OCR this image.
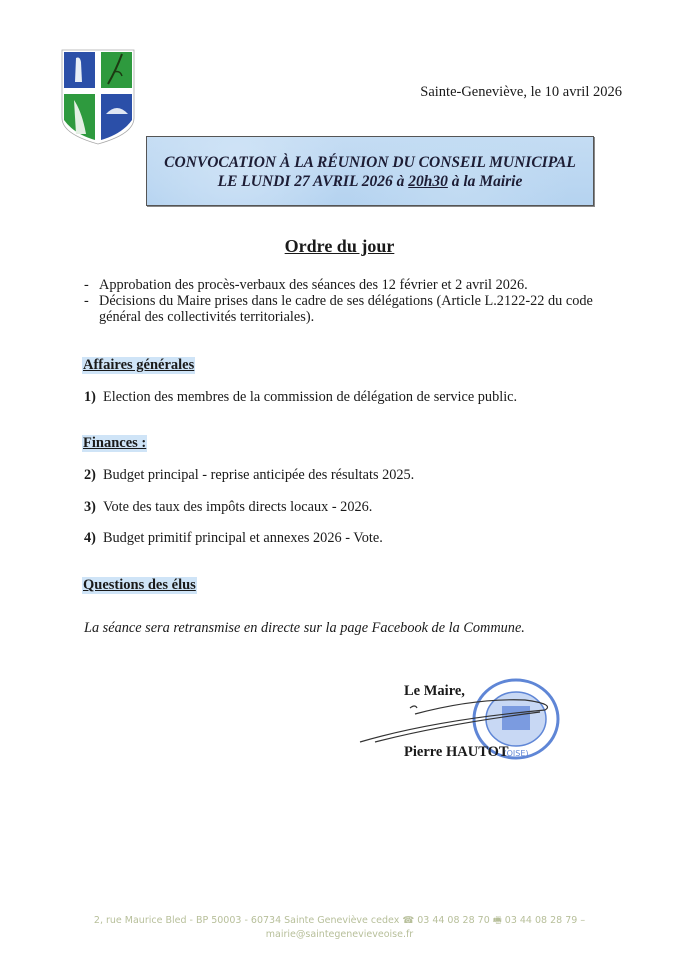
Sainte-Geneviève, le 10 avril 2026
CONVOCATION À LA RÉUNION DU CONSEIL MUNICIPAL
LE LUNDI 27 AVRIL 2026 à 20h30 à la Mairie
Ordre du jour
- Approbation des procès-verbaux des séances des 12 février et 2 avril 2026.
- Décisions du Maire prises dans le cadre de ses délégations (Article L.2122-22 du code général des collectivités territoriales).
Affaires générales
1) Election des membres de la commission de délégation de service public.
Finances :
2) Budget principal - reprise anticipée des résultats 2025.
3) Vote des taux des impôts directs locaux - 2026.
4) Budget primitif principal et annexes 2026 - Vote.
Questions des élus
La séance sera retransmise en directe sur la page Facebook de la Commune.
(OISE)
Le Maire,
Pierre HAUTOT
2, rue Maurice Bled - BP 50003 - 60734 Sainte Geneviève cedex ☎ 03 44 08 28 70 🖷 03 44 08 28 79 –
mairie@saintegenevieveoise.fr
